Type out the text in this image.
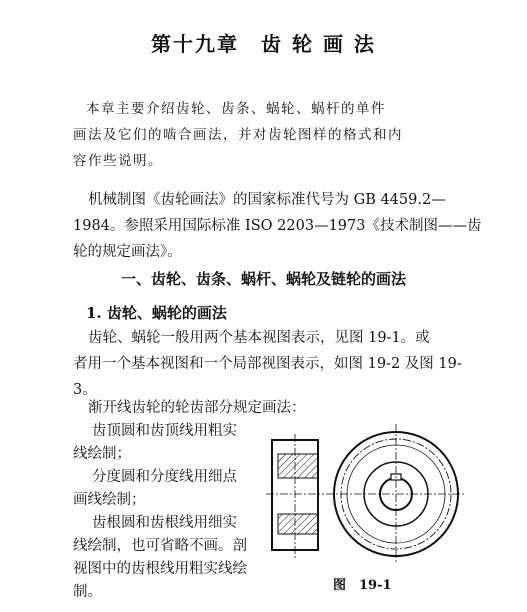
第十九章　齿 轮 画 法

本章主要介绍齿轮、齿条、蜗轮、蜗杆的单件

画法及它们的啮合画法，并对齿轮图样的格式和内

容作些说明。

机械制图《齿轮画法》的国家标准代号为 GB 4459.2—

1984。参照采用国际标准 ISO 2203—1973《技术制图——齿

轮的规定画法》。

一、齿轮、齿条、蜗杆、蜗轮及链轮的画法
1. 齿轮、蜗轮的画法

齿轮、蜗轮一般用两个基本视图表示，见图 19-1。或

者用一个基本视图和一个局部视图表示，如图 19-2 及图 19-

3。

渐开线齿轮的轮齿部分规定画法：

齿顶圆和齿顶线用粗实

线绘制；

分度圆和分度线用细点

画线绘制；

齿根圆和齿根线用细实

线绘制，也可省略不画。剖

视图中的齿根线用粗实线绘

制。	图　19-1
